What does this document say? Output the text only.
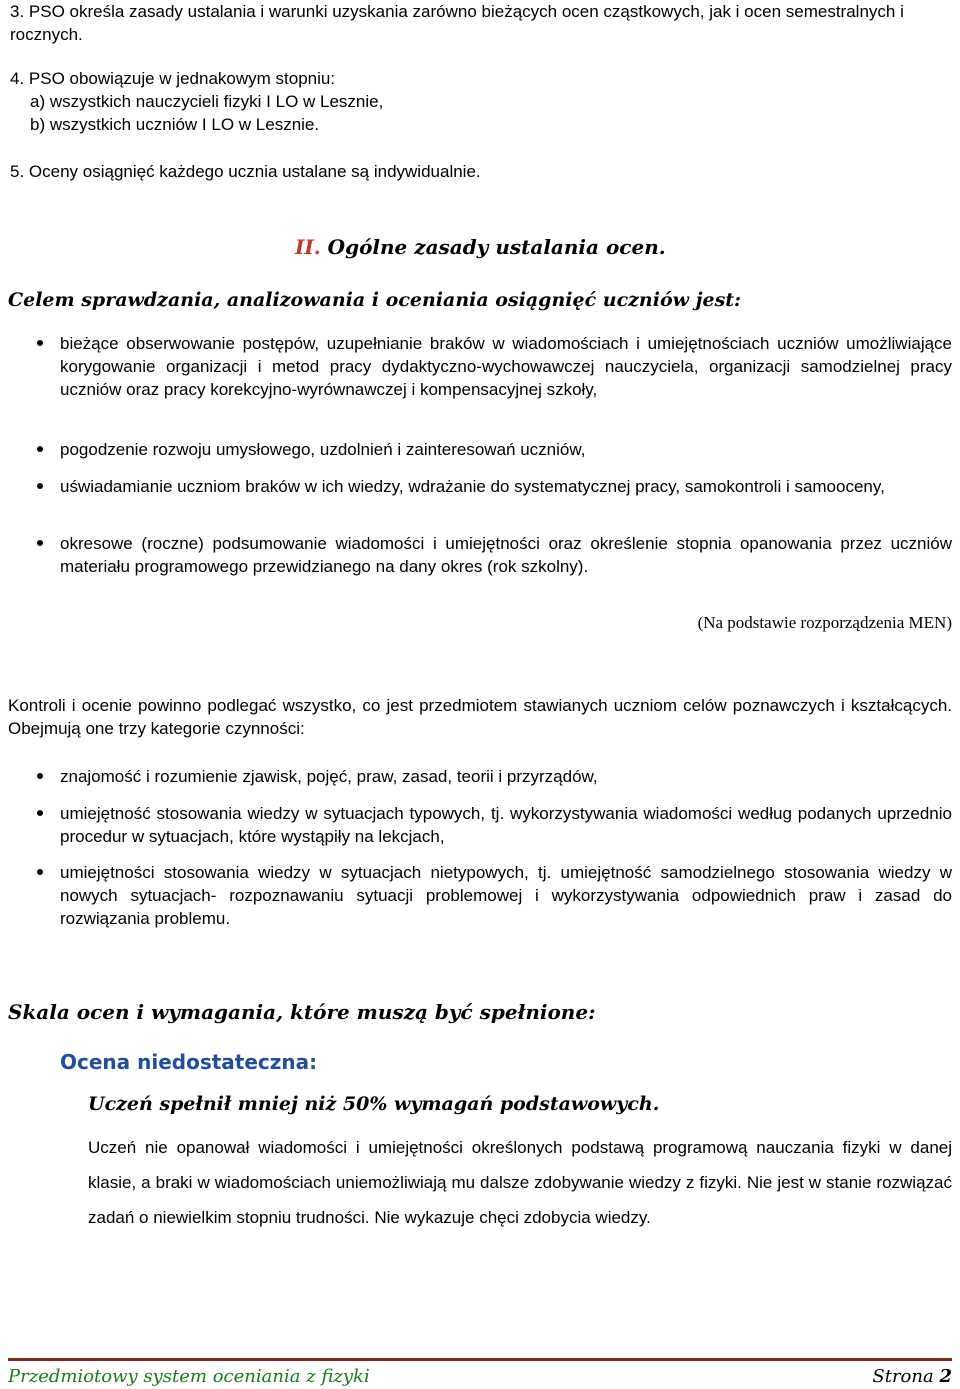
3. PSO określa zasady ustalania i warunki uzyskania zarówno bieżących ocen cząstkowych, jak i ocen semestralnych i rocznych.
4. PSO obowiązuje w jednakowym stopniu:
a) wszystkich nauczycieli fizyki I LO w Lesznie,
b) wszystkich uczniów I LO w Lesznie.
5. Oceny osiągnięć każdego ucznia ustalane są indywidualnie.
II. Ogólne zasady ustalania ocen.
Celem sprawdzania, analizowania i oceniania osiągnięć uczniów jest:
bieżące obserwowanie postępów, uzupełnianie braków w wiadomościach i umiejętnościach uczniów umożliwiające korygowanie organizacji i metod pracy dydaktyczno-wychowawczej nauczyciela, organizacji samodzielnej pracy uczniów oraz pracy korekcyjno-wyrównawczej i kompensacyjnej szkoły,
pogodzenie rozwoju umysłowego, uzdolnień i zainteresowań uczniów,
uświadamianie uczniom braków w ich wiedzy, wdrażanie do systematycznej pracy, samokontroli i samooceny,
okresowe (roczne) podsumowanie wiadomości i umiejętności oraz określenie stopnia opanowania przez uczniów materiału programowego przewidzianego na dany okres (rok szkolny).
(Na podstawie rozporządzenia MEN)
Kontroli i ocenie powinno podlegać wszystko, co jest przedmiotem stawianych uczniom celów poznawczych i kształcących. Obejmują one trzy kategorie czynności:
znajomość i rozumienie zjawisk, pojęć, praw, zasad, teorii i przyrządów,
umiejętność stosowania wiedzy w sytuacjach typowych, tj. wykorzystywania wiadomości według podanych uprzednio procedur w sytuacjach, które wystąpiły na lekcjach,
umiejętności stosowania wiedzy w sytuacjach nietypowych, tj. umiejętność samodzielnego stosowania wiedzy w nowych sytuacjach- rozpoznawaniu sytuacji problemowej i wykorzystywania odpowiednich praw i zasad do rozwiązania problemu.
Skala ocen i wymagania, które muszą być spełnione:
Ocena niedostateczna:
Uczeń spełnił mniej niż 50% wymagań podstawowych.
Uczeń nie opanował wiadomości i umiejętności określonych podstawą programową nauczania fizyki w danej klasie, a braki w wiadomościach uniemożliwiają mu dalsze zdobywanie wiedzy z fizyki. Nie jest w stanie rozwiązać zadań o niewielkim stopniu trudności. Nie wykazuje chęci zdobycia wiedzy.
Przedmiotowy system oceniania z fizyki	Strona 2
